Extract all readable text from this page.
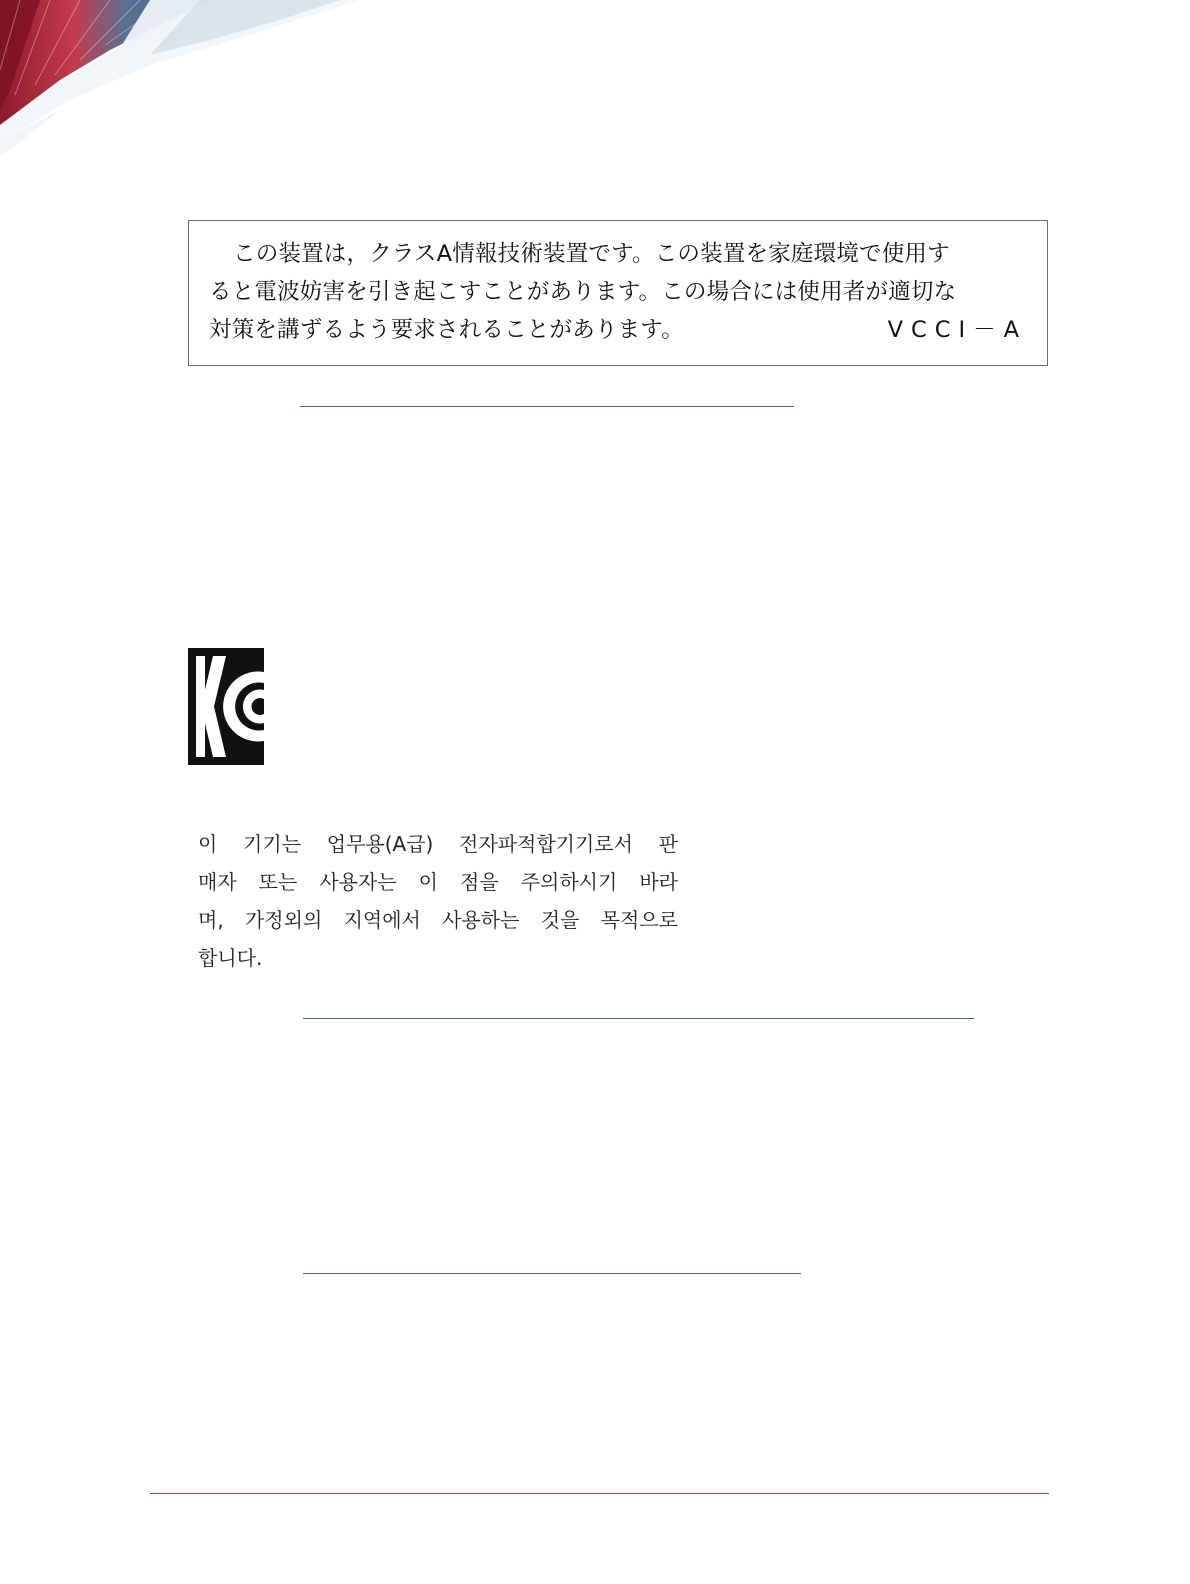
この装置は，クラスA情報技術装置です。この装置を家庭環境で使用す
ると電波妨害を引き起こすことがあります。この場合には使用者が適切な
対策を講ずるよう要求されることがあります。	VCCI－A
이 기기는 업무용(A급) 전자파적합기기로서 판
매자 또는 사용자는 이 점을 주의하시기 바라
며, 가정외의 지역에서 사용하는 것을 목적으로
합니다.
